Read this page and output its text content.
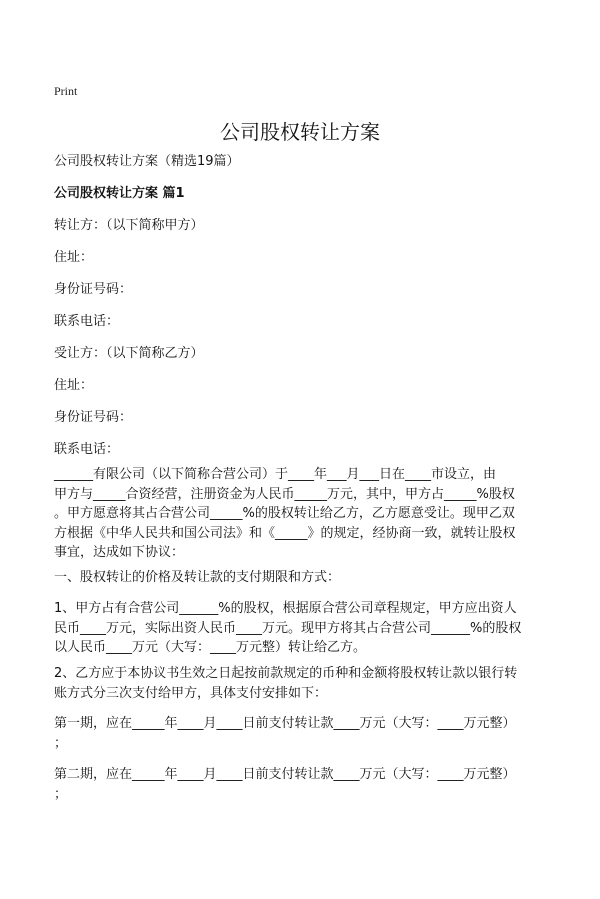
Print
公司股权转让方案
公司股权转让方案（精选19篇）
公司股权转让方案 篇1
转让方：（以下简称甲方）
住址：
身份证号码：
联系电话：
受让方：（以下简称乙方）
住址：
身份证号码：
联系电话：
______有限公司（以下简称合营公司）于____年___月___日在____市设立，由
甲方与_____合资经营，注册资金为人民币_____万元，其中，甲方占_____%股权
。甲方愿意将其占合营公司_____%的股权转让给乙方，乙方愿意受让。现甲乙双
方根据《中华人民共和国公司法》和《_____》的规定，经协商一致，就转让股权
事宜，达成如下协议：
一、股权转让的价格及转让款的支付期限和方式：
1、甲方占有合营公司______%的股权，根据原合营公司章程规定，甲方应出资人
民币____万元，实际出资人民币____万元。现甲方将其占合营公司______%的股权
以人民币____万元（大写：____万元整）转让给乙方。
2、乙方应于本协议书生效之日起按前款规定的币种和金额将股权转让款以银行转
账方式分三次支付给甲方，具体支付安排如下：
第一期，应在_____年____月____日前支付转让款____万元（大写：____万元整）
；
第二期，应在_____年____月____日前支付转让款____万元（大写：____万元整）
；
